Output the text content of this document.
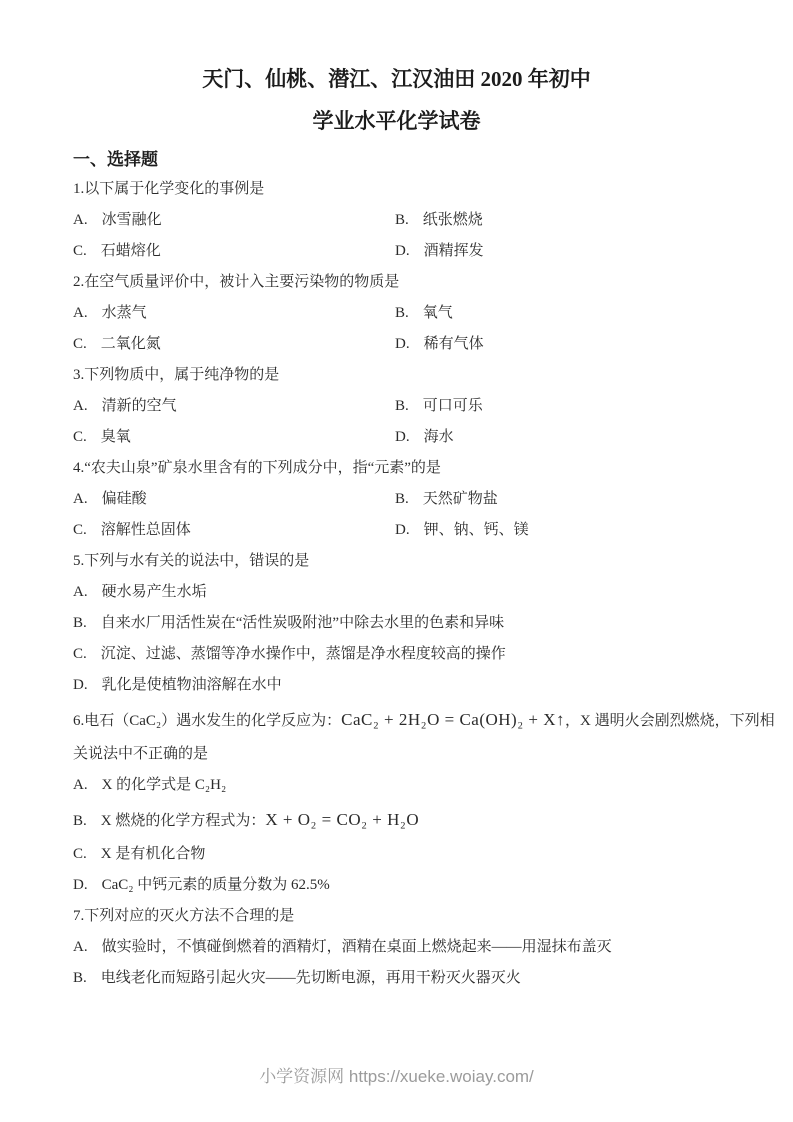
天门、仙桃、潜江、江汉油田 2020 年初中
学业水平化学试卷
一、选择题
1.以下属于化学变化的事例是
A. 冰雪融化	B. 纸张燃烧
C. 石蜡熔化	D. 酒精挥发
2.在空气质量评价中，被计入主要污染物的物质是
A. 水蒸气	B. 氧气
C. 二氧化氮	D. 稀有气体
3.下列物质中，属于纯净物的是
A. 清新的空气	B. 可口可乐
C. 臭氧	D. 海水
4.“农夫山泉”矿泉水里含有的下列成分中，指“元素”的是
A. 偏硅酸	B. 天然矿物盐
C. 溶解性总固体	D. 钾、钠、钙、镁
5.下列与水有关的说法中，错误的是
A. 硬水易产生水垢
B. 自来水厂用活性炭在“活性炭吸附池”中除去水里的色素和异味
C. 沉淀、过滤、蒸馏等净水操作中，蒸馏是净水程度较高的操作
D. 乳化是使植物油溶解在水中
6.电石（CaC₂）遇水发生的化学反应为：CaC₂ + 2H₂O = Ca(OH)₂ + X↑，X 遇明火会剧烈燃烧，下列相
关说法中不正确的是
A. X 的化学式是 C₂H₂
B. X 燃烧的化学方程式为：X + O₂ = CO₂ + H₂O
C. X 是有机化合物
D. CaC₂ 中钙元素的质量分数为 62.5%
7.下列对应的灭火方法不合理的是
A. 做实验时，不慎碰倒燃着的酒精灯，酒精在桌面上燃烧起来——用湿抹布盖灭
B. 电线老化而短路引起火灾——先切断电源，再用干粉灭火器灭火
小学资源网 https://xueke.woiay.com/
